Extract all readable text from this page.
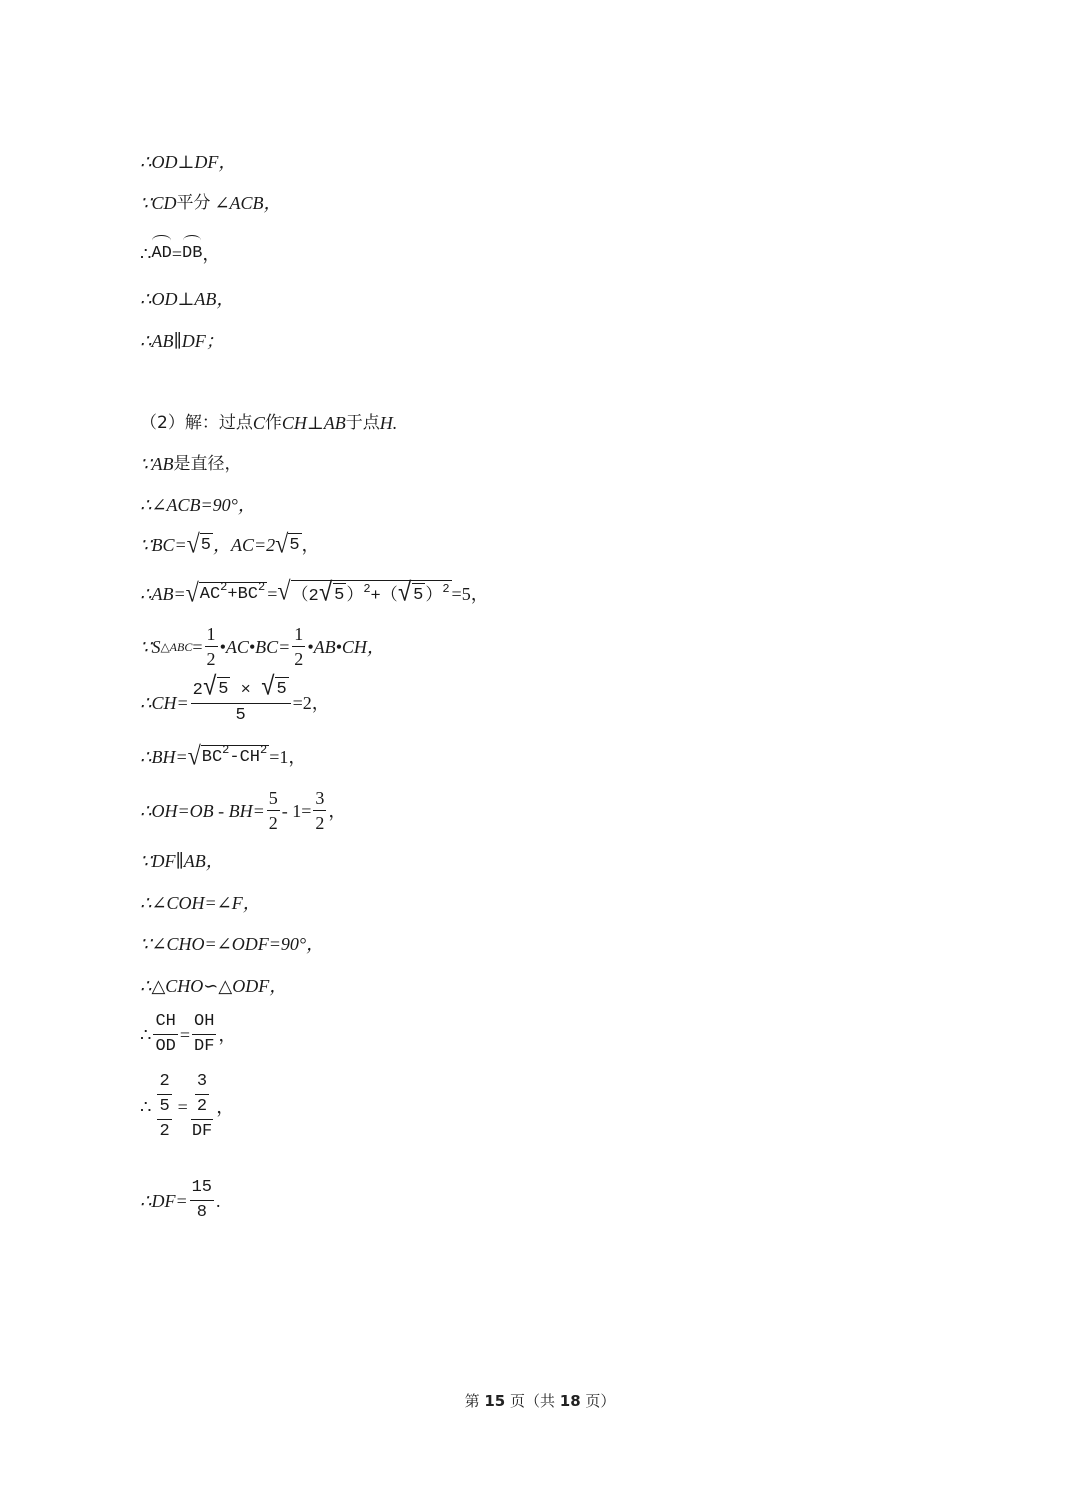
∴OD⊥DF，
∵CD 平分 ∠ACB，
∴ AD = DB ，
∴OD⊥AB，
∴AB∥DF；
（2）解：过点 C 作 CH⊥AB 于点 H.
∵AB 是直径，
∴∠ACB=90°，
∵BC= √ 5 ，AC=2 √ 5 ，
∴AB= √ $AC^2+BC^2$ = √ （2 √ 5 ）$^2$+（ √ 5 ）$^2$ =5，
∵S △ABC = $\frac{1}{2}$ •AC•BC= $\frac{1}{2}$ •AB•CH，
∴CH= $\frac{2 √ 5 \times √ 5}{5} =2$，
∴BH= √ $BC^2-CH^2 =1$，
∴OH=OB - $BH= \frac{5}{2} - 1= \frac{3}{2}$ ，
∵DF∥AB，
∴∠COH=∠F，
∵∠CHO=∠ODF=90°，
∴△CHO∽△ODF，
∴ $\frac{CH}{OD} = \frac{OH}{DF}$ ，
∴ $\frac{2}{\frac{5}{2}} = \frac{\frac{3}{2}}{DF}$ ，
∴DF= $\frac{15}{8}$ .
第 15 页（共 18 页）
